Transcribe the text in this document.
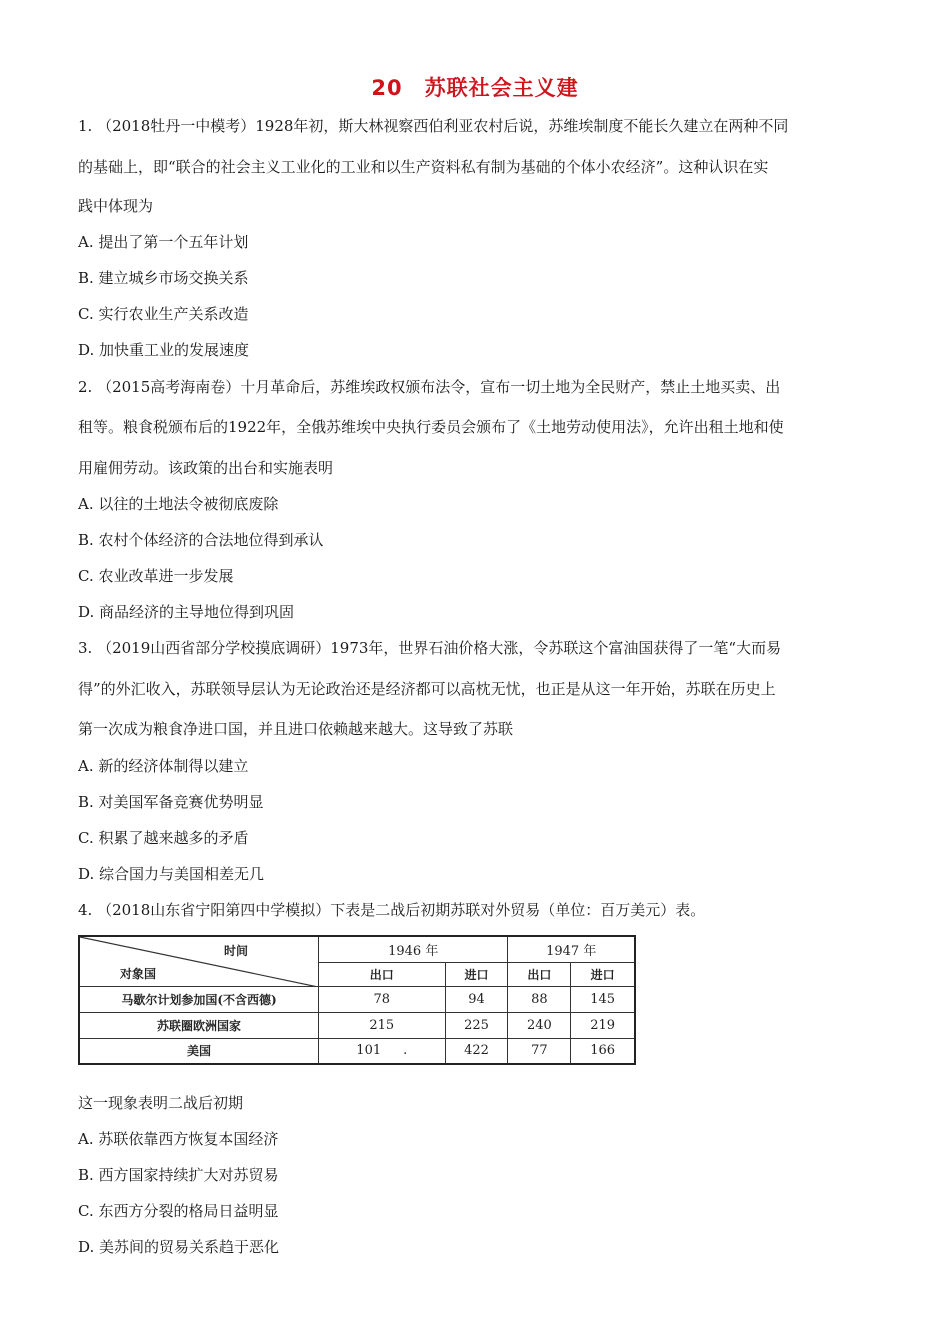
20 苏联社会主义建
1. （2018牡丹一中模考）1928年初，斯大林视察西伯利亚农村后说，苏维埃制度不能长久建立在两种不同
的基础上，即“联合的社会主义工业化的工业和以生产资料私有制为基础的个体小农经济”。这种认识在实
践中体现为
A. 提出了第一个五年计划
B. 建立城乡市场交换关系
C. 实行农业生产关系改造
D. 加快重工业的发展速度
2. （2015高考海南卷）十月革命后，苏维埃政权颁布法令，宣布一切土地为全民财产，禁止土地买卖、出
租等。粮食税颁布后的1922年，全俄苏维埃中央执行委员会颁布了《土地劳动使用法》，允许出租土地和使
用雇佣劳动。该政策的出台和实施表明
A. 以往的土地法令被彻底废除
B. 农村个体经济的合法地位得到承认
C. 农业改革进一步发展
D. 商品经济的主导地位得到巩固
3. （2019山西省部分学校摸底调研）1973年，世界石油价格大涨，令苏联这个富油国获得了一笔“大而易
得”的外汇收入，苏联领导层认为无论政治还是经济都可以高枕无忧，也正是从这一年开始，苏联在历史上
第一次成为粮食净进口国，并且进口依赖越来越大。这导致了苏联
A. 新的经济体制得以建立
B. 对美国军备竞赛优势明显
C. 积累了越来越多的矛盾
D. 综合国力与美国相差无几
4. （2018山东省宁阳第四中学模拟）下表是二战后初期苏联对外贸易（单位：百万美元）表。
时间
对象国	1946 年		1947 年	
	出口	进口	出口	进口
马歇尔计划参加国(不含西德)	78	94	88	145
苏联圈欧洲国家	215	225	240	219
美国	101 .	422	77	166
这一现象表明二战后初期
A. 苏联依靠西方恢复本国经济
B. 西方国家持续扩大对苏贸易
C. 东西方分裂的格局日益明显
D. 美苏间的贸易关系趋于恶化
